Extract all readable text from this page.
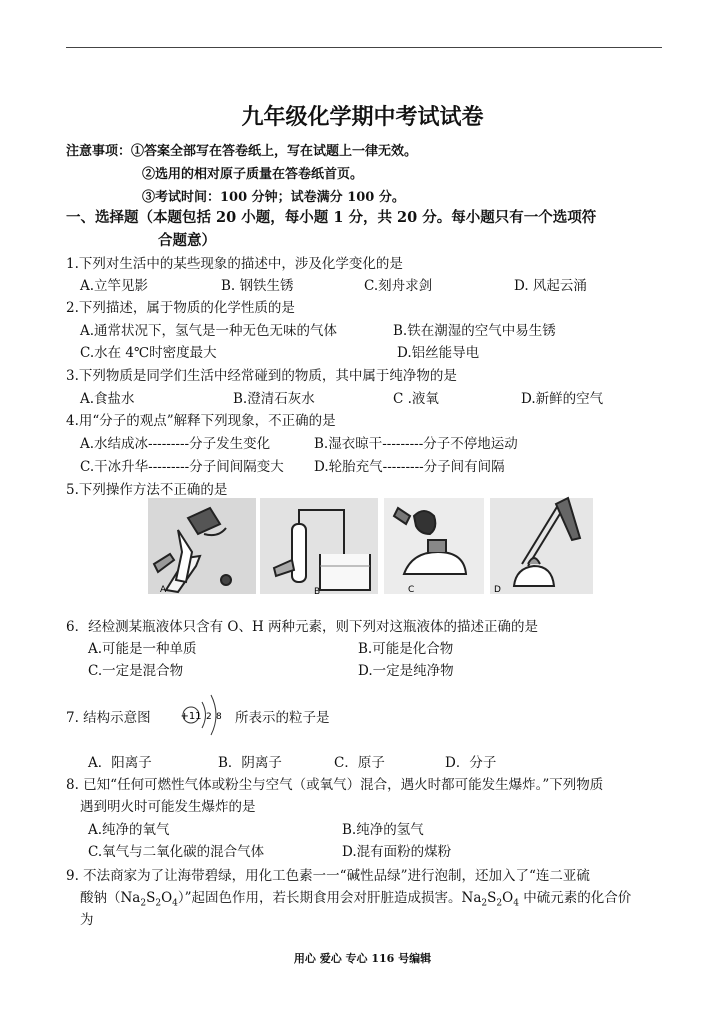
九年级化学期中考试试卷
注意事项：①答案全部写在答卷纸上，写在试题上一律无效。
②选用的相对原子质量在答卷纸首页。
③考试时间：100 分钟；试卷满分 100 分。
一、选择题（本题包括 20 小题，每小题 1 分，共 20 分。每小题只有一个选项符
合题意）
1.下列对生活中的某些现象的描述中，涉及化学变化的是
A.立竿见影	B. 钢铁生锈	C.刻舟求剑	D. 风起云涌
2.下列描述，属于物质的化学性质的是
A.通常状况下，氢气是一种无色无味的气体	B.铁在潮湿的空气中易生锈
C.水在 4℃时密度最大	D.铝丝能导电
3.下列物质是同学们生活中经常碰到的物质，其中属于纯净物的是
A.食盐水	B.澄清石灰水	C .液氧	D.新鲜的空气
4.用“分子的观点”解释下列现象，不正确的是
A.水结成冰---------分子发生变化	B.湿衣晾干---------分子不停地运动
C.干冰升华---------分子间间隔变大 D.轮胎充气---------分子间有间隔
5.下列操作方法不正确的是
A	B	C	D
6．经检测某瓶液体只含有 O、H 两种元素，则下列对这瓶液体的描述正确的是
A.可能是一种单质	B.可能是化合物
C.一定是混合物	D.一定是纯净物
7. 结构示意图	+11 2 8 所表示的粒子是
A．阳离子	B．阴离子	C．原子	D．分子
8. 已知“任何可燃性气体或粉尘与空气（或氧气）混合，遇火时都可能发生爆炸。”下列物质
遇到明火时可能发生爆炸的是
A.纯净的氧气	B.纯净的氢气
C.氧气与二氧化碳的混合气体	D.混有面粉的煤粉
9. 不法商家为了让海带碧绿，用化工色素一一“碱性品绿”进行泡制，还加入了“连二亚硫
酸钠$(Na_2S_2O_4)$”起固色作用，若长期食用会对肝脏造成损害。$Na_2S_2O_4$ 中硫元素的化合价
为
用心 爱心 专心 116 号编辑
